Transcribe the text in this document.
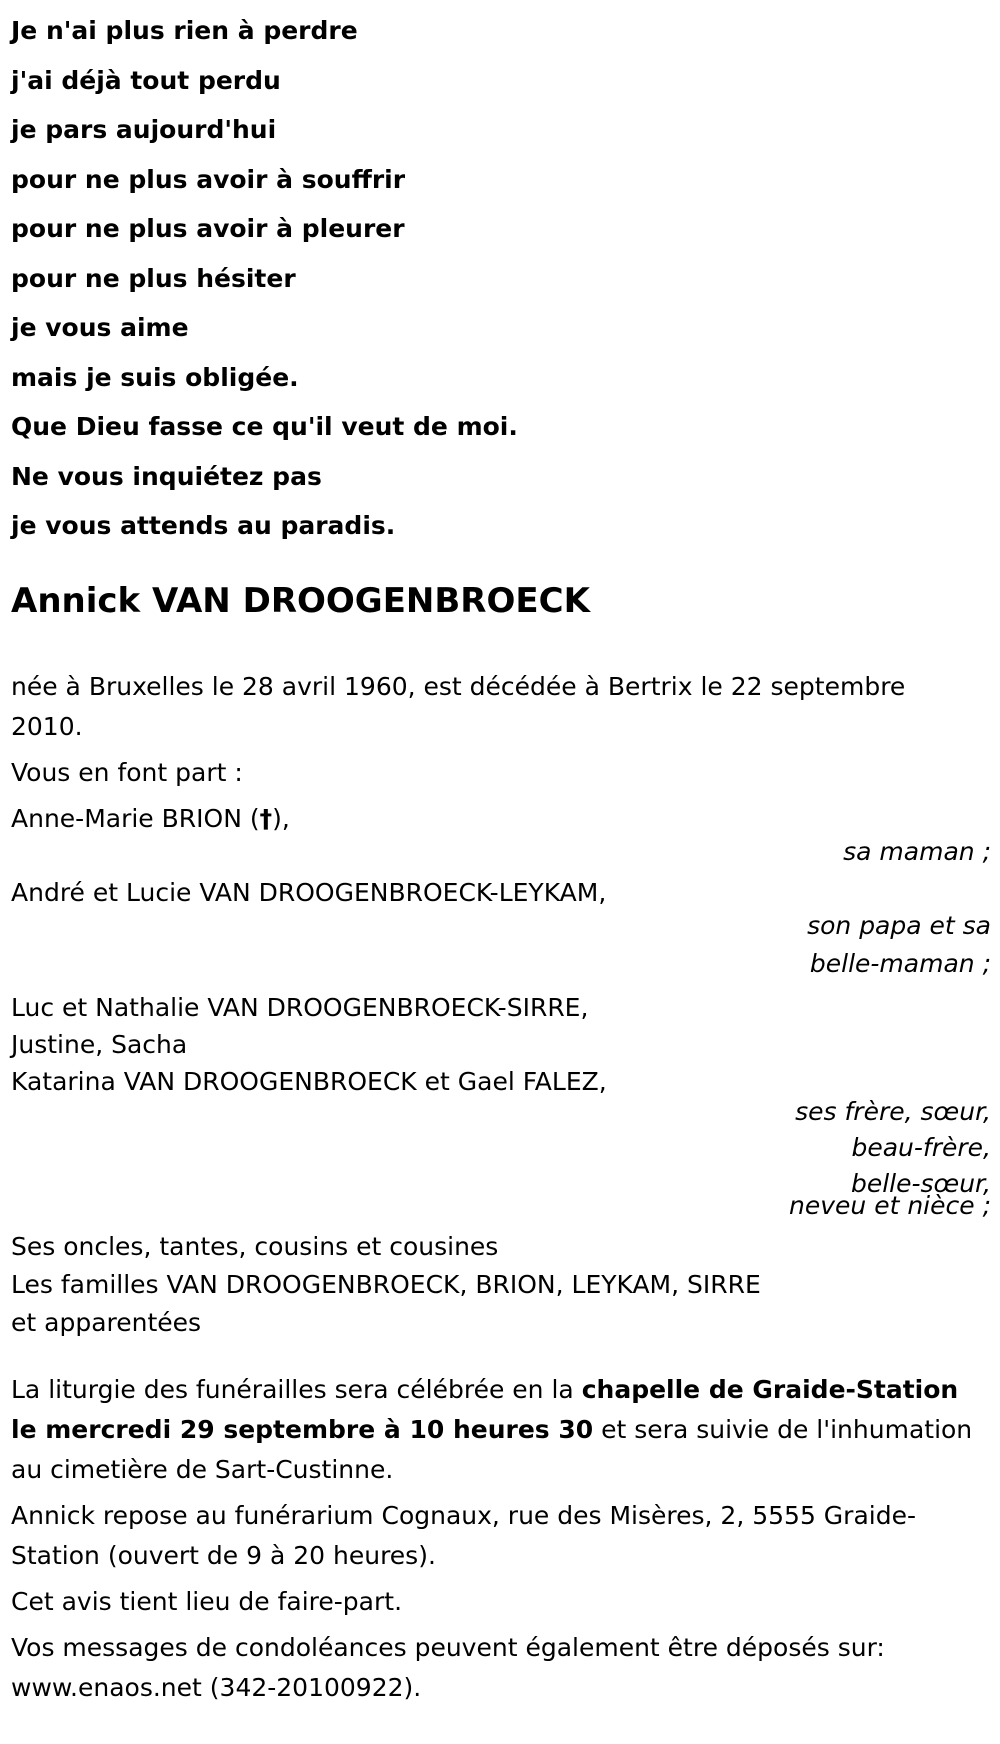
Je n'ai plus rien à perdre
j'ai déjà tout perdu
je pars aujourd'hui
pour ne plus avoir à souffrir
pour ne plus avoir à pleurer
pour ne plus hésiter
je vous aime
mais je suis obligée.
Que Dieu fasse ce qu'il veut de moi.
Ne vous inquiétez pas
je vous attends au paradis.
Annick VAN DROOGENBROECK

née à Bruxelles le 28 avril 1960, est décédée à Bertrix le 22 septembre 2010.

Vous en font part :

Anne-Marie BRION (†),
sa maman ;
André et Lucie VAN DROOGENBROECK-LEYKAM,
son papa et sa
belle-maman ;
Luc et Nathalie VAN DROOGENBROECK-SIRRE,
Justine, Sacha
Katarina VAN DROOGENBROECK et Gael FALEZ,
ses frère, sœur,
beau-frère,
belle-sœur,
neveu et nièce ;
Ses oncles, tantes, cousins et cousines
Les familles VAN DROOGENBROECK, BRION, LEYKAM, SIRRE
et apparentées

La liturgie des funérailles sera célébrée en la chapelle de Graide-Station le mercredi 29 septembre à 10 heures 30 et sera suivie de l'inhumation au cimetière de Sart-Custinne.

Annick repose au funérarium Cognaux, rue des Misères, 2, 5555 Graide-Station (ouvert de 9 à 20 heures).

Cet avis tient lieu de faire-part.

Vos messages de condoléances peuvent également être déposés sur: www.enaos.net (342-20100922).
